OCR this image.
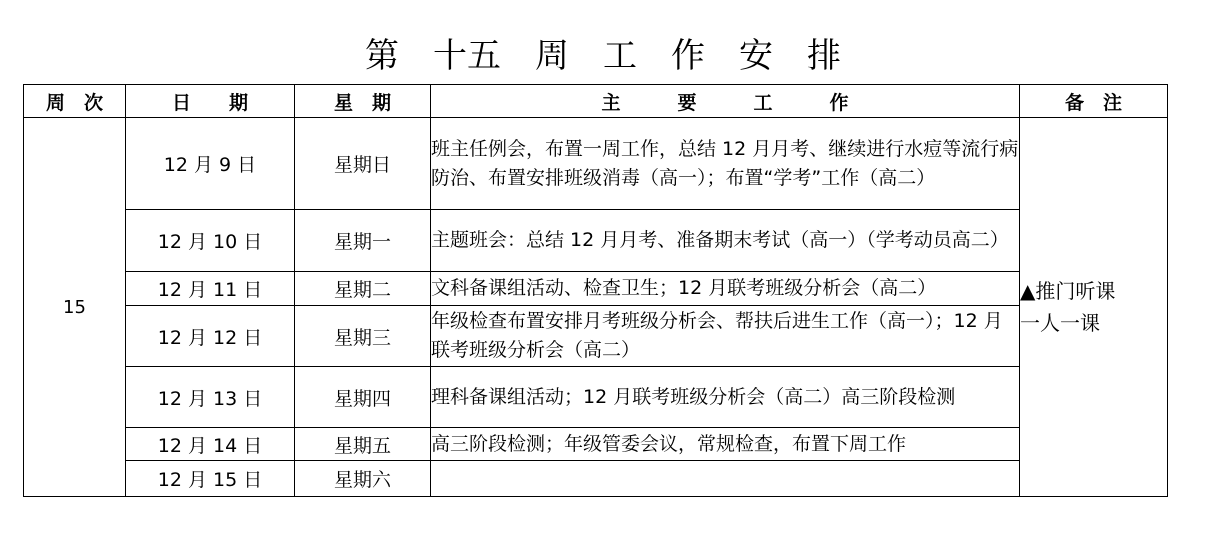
第　十五　周　工　作　安　排
周　次	日　　期	星　期	主　　　要　　　工　　　作	备　注
15	12 月 9 日	星期日	班主任例会，布置一周工作，总结 12 月月考、继续进行水痘等流行病防治、布置安排班级消毒（高一）；布置“学考”工作（高二）	▲推门听课
一人一课

	12 月 10 日	星期一	主题班会：总结 12 月月考、准备期末考试（高一）（学考动员高二）	
	12 月 11 日	星期二	文科备课组活动、检查卫生；12 月联考班级分析会（高二）	
	12 月 12 日	星期三	年级检查布置安排月考班级分析会、帮扶后进生工作（高一）；12 月联考班级分析会（高二）	
	12 月 13 日	星期四	理科备课组活动；12 月联考班级分析会（高二）高三阶段检测	
	12 月 14 日	星期五	高三阶段检测；年级管委会议，常规检查，布置下周工作	
	12 月 15 日	星期六		
